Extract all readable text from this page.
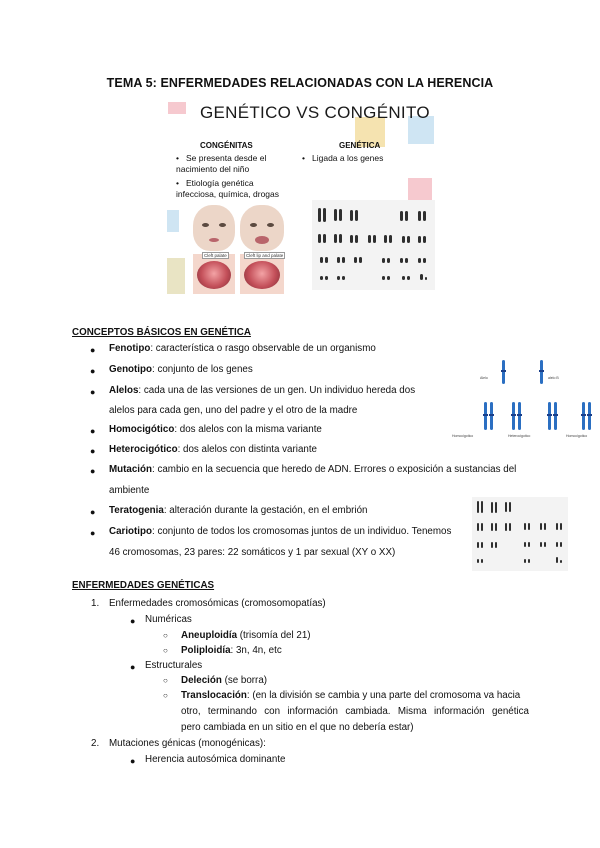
TEMA 5: ENFERMEDADES RELACIONADAS CON LA HERENCIA
GENÉTICO VS CONGÉNITO
CONGÉNITAS
• Se presenta desde el nacimiento del niño
• Etiología genética infecciosa, química, drogas
GENÉTICA
• Ligada a los genes
Cleft palate	Cleft lip and palate
CONCEPTOS BÁSICOS EN GENÉTICA
● Fenotipo: característica o rasgo observable de un organismo
● Genotipo: conjunto de los genes
● Alelos: cada una de las versiones de un gen. Un individuo hereda dos
alelos para cada gen, uno del padre y el otro de la madre
● Homocigótico: dos alelos con la misma variante
● Heterocigótico: dos alelos con distinta variante
● Mutación: cambio en la secuencia que heredo de ADN. Errores o exposición a sustancias del
ambiente
● Teratogenia: alteración durante la gestación, en el embrión
● Cariotipo: conjunto de todos los cromosomas juntos de un individuo. Tenemos
46 cromosomas, 23 pares: 22 somáticos y 1 par sexual (XY o XX)
Alelo	alelo B
Homocigotico	Heterocigotico	Homocigotico
ENFERMEDADES GENÉTICAS
1. Enfermedades cromosómicas (cromosomopatías)
● Numéricas
○ Aneuploidía (trisomía del 21)
○ Poliploidía: 3n, 4n, etc
● Estructurales
○ Deleción (se borra)
○ Translocación: (en la división se cambia y una parte del cromosoma va hacia
otro, terminando con información cambiada. Misma información genética
pero cambiada en un sitio en el que no debería estar)
2. Mutaciones génicas (monogénicas):
● Herencia autosómica dominante
